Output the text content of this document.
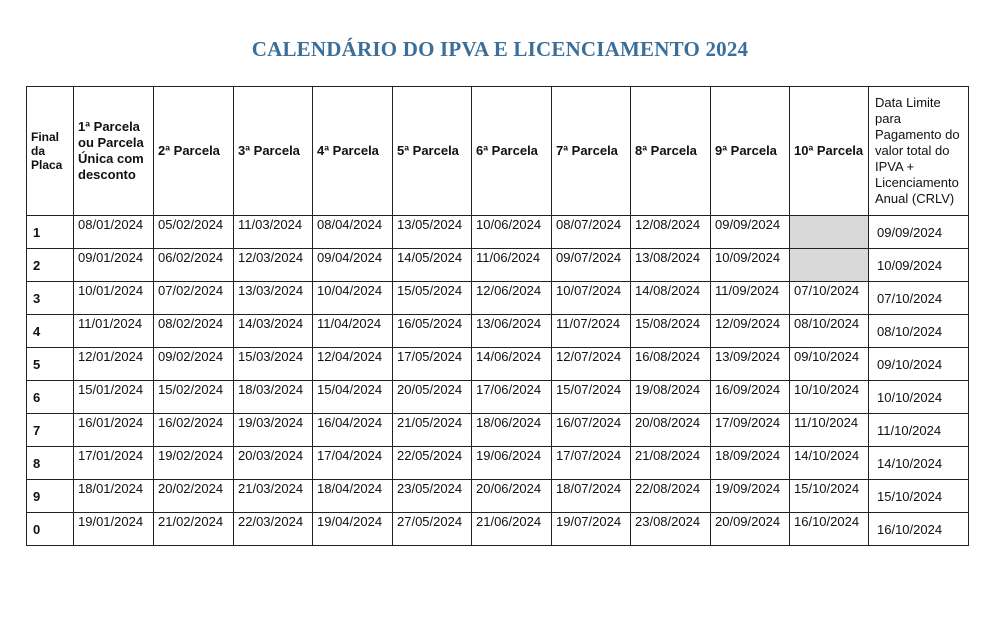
CALENDÁRIO DO IPVA E LICENCIAMENTO 2024
Final da Placa	1ª Parcela ou Parcela Única com desconto	2ª Parcela	3ª Parcela	4ª Parcela	5ª Parcela	6ª Parcela	7ª Parcela	8ª Parcela	9ª Parcela	10ª Parcela	Data Limite para Pagamento do valor total do IPVA + Licenciamento Anual (CRLV)
1	08/01/2024	05/02/2024	11/03/2024	08/04/2024	13/05/2024	10/06/2024	08/07/2024	12/08/2024	09/09/2024		09/09/2024
2	09/01/2024	06/02/2024	12/03/2024	09/04/2024	14/05/2024	11/06/2024	09/07/2024	13/08/2024	10/09/2024		10/09/2024
3	10/01/2024	07/02/2024	13/03/2024	10/04/2024	15/05/2024	12/06/2024	10/07/2024	14/08/2024	11/09/2024	07/10/2024	07/10/2024
4	11/01/2024	08/02/2024	14/03/2024	11/04/2024	16/05/2024	13/06/2024	11/07/2024	15/08/2024	12/09/2024	08/10/2024	08/10/2024
5	12/01/2024	09/02/2024	15/03/2024	12/04/2024	17/05/2024	14/06/2024	12/07/2024	16/08/2024	13/09/2024	09/10/2024	09/10/2024
6	15/01/2024	15/02/2024	18/03/2024	15/04/2024	20/05/2024	17/06/2024	15/07/2024	19/08/2024	16/09/2024	10/10/2024	10/10/2024
7	16/01/2024	16/02/2024	19/03/2024	16/04/2024	21/05/2024	18/06/2024	16/07/2024	20/08/2024	17/09/2024	11/10/2024	11/10/2024
8	17/01/2024	19/02/2024	20/03/2024	17/04/2024	22/05/2024	19/06/2024	17/07/2024	21/08/2024	18/09/2024	14/10/2024	14/10/2024
9	18/01/2024	20/02/2024	21/03/2024	18/04/2024	23/05/2024	20/06/2024	18/07/2024	22/08/2024	19/09/2024	15/10/2024	15/10/2024
0	19/01/2024	21/02/2024	22/03/2024	19/04/2024	27/05/2024	21/06/2024	19/07/2024	23/08/2024	20/09/2024	16/10/2024	16/10/2024
